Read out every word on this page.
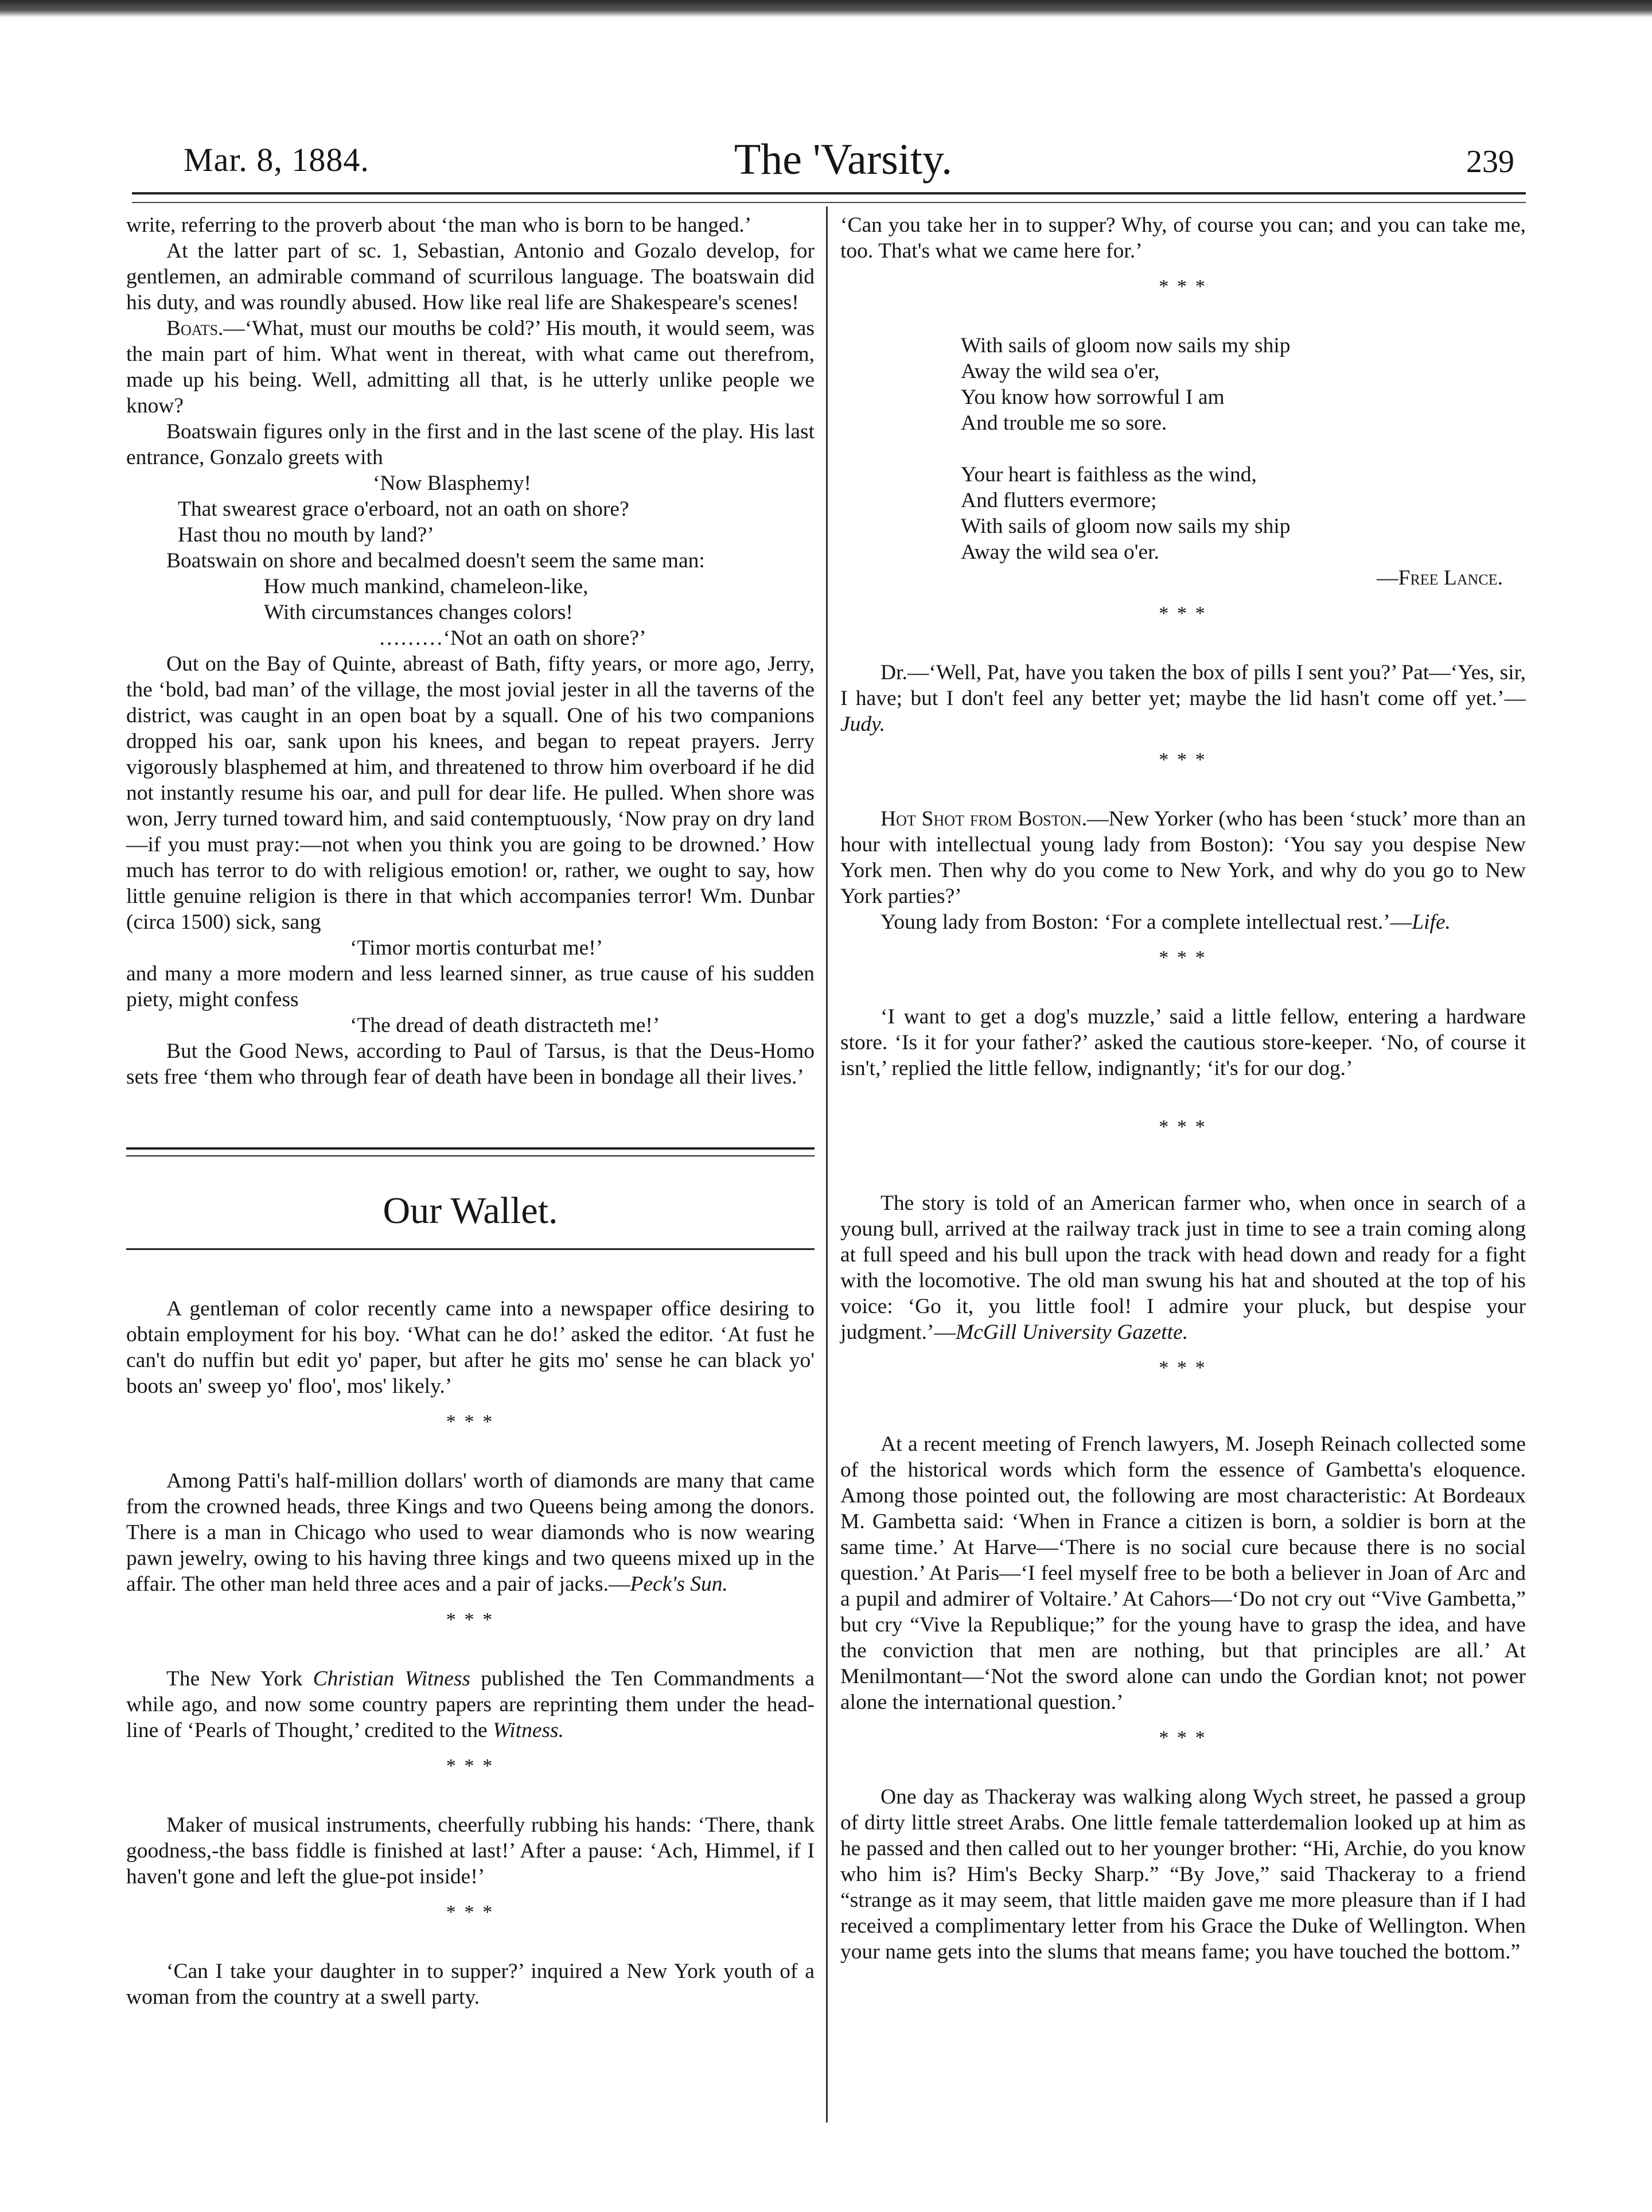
Mar. 8, 1884.	The 'Varsity.	239

write, referring to the proverb about ‘the man who is born to be hanged.’

At the latter part of sc. 1, Sebastian, Antonio and Gozalo develop, for gentlemen, an admirable command of scurrilous language. The boatswain did his duty, and was roundly abused. How like real life are Shakespeare's scenes!

Boats.—‘What, must our mouths be cold?’ His mouth, it would seem, was the main part of him. What went in thereat, with what came out therefrom, made up his being. Well, admitting all that, is he utterly unlike people we know?

Boatswain figures only in the first and in the last scene of the play. His last entrance, Gonzalo greets with

‘Now Blasphemy!

That swearest grace o'erboard, not an oath on shore?

Hast thou no mouth by land?’

Boatswain on shore and becalmed doesn't seem the same man:

How much mankind, chameleon-like,

With circumstances changes colors!

………‘Not an oath on shore?’

Out on the Bay of Quinte, abreast of Bath, fifty years, or more ago, Jerry, the ‘bold, bad man’ of the village, the most jovial jester in all the taverns of the district, was caught in an open boat by a squall. One of his two companions dropped his oar, sank upon his knees, and began to repeat prayers. Jerry vigorously blasphemed at him, and threatened to throw him overboard if he did not instantly resume his oar, and pull for dear life. He pulled. When shore was won, Jerry turned toward him, and said contemptuously, ‘Now pray on dry land—if you must pray:—not when you think you are going to be drowned.’ How much has terror to do with religious emotion! or, rather, we ought to say, how little genuine religion is there in that which accompanies terror! Wm. Dunbar (circa 1500) sick, sang

‘Timor mortis conturbat me!’

and many a more modern and less learned sinner, as true cause of his sudden piety, might confess

‘The dread of death distracteth me!’

But the Good News, according to Paul of Tarsus, is that the Deus-Homo sets free ‘them who through fear of death have been in bondage all their lives.’

Our Wallet.

A gentleman of color recently came into a newspaper office desiring to obtain employment for his boy. ‘What can he do!’ asked the editor. ‘At fust he can't do nuffin but edit yo' paper, but after he gits mo' sense he can black yo' boots an' sweep yo' floo', mos' likely.’

* * *

Among Patti's half-million dollars' worth of diamonds are many that came from the crowned heads, three Kings and two Queens being among the donors. There is a man in Chicago who used to wear diamonds who is now wearing pawn jewelry, owing to his having three kings and two queens mixed up in the affair. The other man held three aces and a pair of jacks.—Peck's Sun.

* * *

The New York Christian Witness published the Ten Commandments a while ago, and now some country papers are reprinting them under the head-line of ‘Pearls of Thought,’ credited to the Witness.

* * *

Maker of musical instruments, cheerfully rubbing his hands: ‘There, thank goodness,-the bass fiddle is finished at last!’ After a pause: ‘Ach, Himmel, if I haven't gone and left the glue-pot inside!’

* * *

‘Can I take your daughter in to supper?’ inquired a New York youth of a woman from the country at a swell party.

‘Can you take her in to supper? Why, of course you can; and you can take me, too. That's what we came here for.’

* * *

With sails of gloom now sails my ship

Away the wild sea o'er,

You know how sorrowful I am

And trouble me so sore.

Your heart is faithless as the wind,

And flutters evermore;

With sails of gloom now sails my ship

Away the wild sea o'er.

—Free Lance.

* * *

Dr.—‘Well, Pat, have you taken the box of pills I sent you?’ Pat—‘Yes, sir, I have; but I don't feel any better yet; maybe the lid hasn't come off yet.’—Judy.

* * *

Hot Shot from Boston.—New Yorker (who has been ‘stuck’ more than an hour with intellectual young lady from Boston): ‘You say you despise New York men. Then why do you come to New York, and why do you go to New York parties?’

Young lady from Boston: ‘For a complete intellectual rest.’—Life.

* * *

‘I want to get a dog's muzzle,’ said a little fellow, entering a hardware store. ‘Is it for your father?’ asked the cautious store-keeper. ‘No, of course it isn't,’ replied the little fellow, indignantly; ‘it's for our dog.’

* * *

The story is told of an American farmer who, when once in search of a young bull, arrived at the railway track just in time to see a train coming along at full speed and his bull upon the track with head down and ready for a fight with the locomotive. The old man swung his hat and shouted at the top of his voice: ‘Go it, you little fool! I admire your pluck, but despise your judgment.’—McGill University Gazette.

* * *

At a recent meeting of French lawyers, M. Joseph Reinach collected some of the historical words which form the essence of Gambetta's eloquence. Among those pointed out, the following are most characteristic: At Bordeaux M. Gambetta said: ‘When in France a citizen is born, a soldier is born at the same time.’ At Harve—‘There is no social cure because there is no social question.’ At Paris—‘I feel myself free to be both a believer in Joan of Arc and a pupil and admirer of Voltaire.’ At Cahors—‘Do not cry out “Vive Gambetta,” but cry “Vive la Republique;” for the young have to grasp the idea, and have the conviction that men are nothing, but that principles are all.’ At Menilmontant—‘Not the sword alone can undo the Gordian knot; not power alone the international question.’

* * *

One day as Thackeray was walking along Wych street, he passed a group of dirty little street Arabs. One little female tatterdemalion looked up at him as he passed and then called out to her younger brother: “Hi, Archie, do you know who him is? Him's Becky Sharp.” “By Jove,” said Thackeray to a friend “strange as it may seem, that little maiden gave me more pleasure than if I had received a complimentary letter from his Grace the Duke of Wellington. When your name gets into the slums that means fame; you have touched the bottom.”
